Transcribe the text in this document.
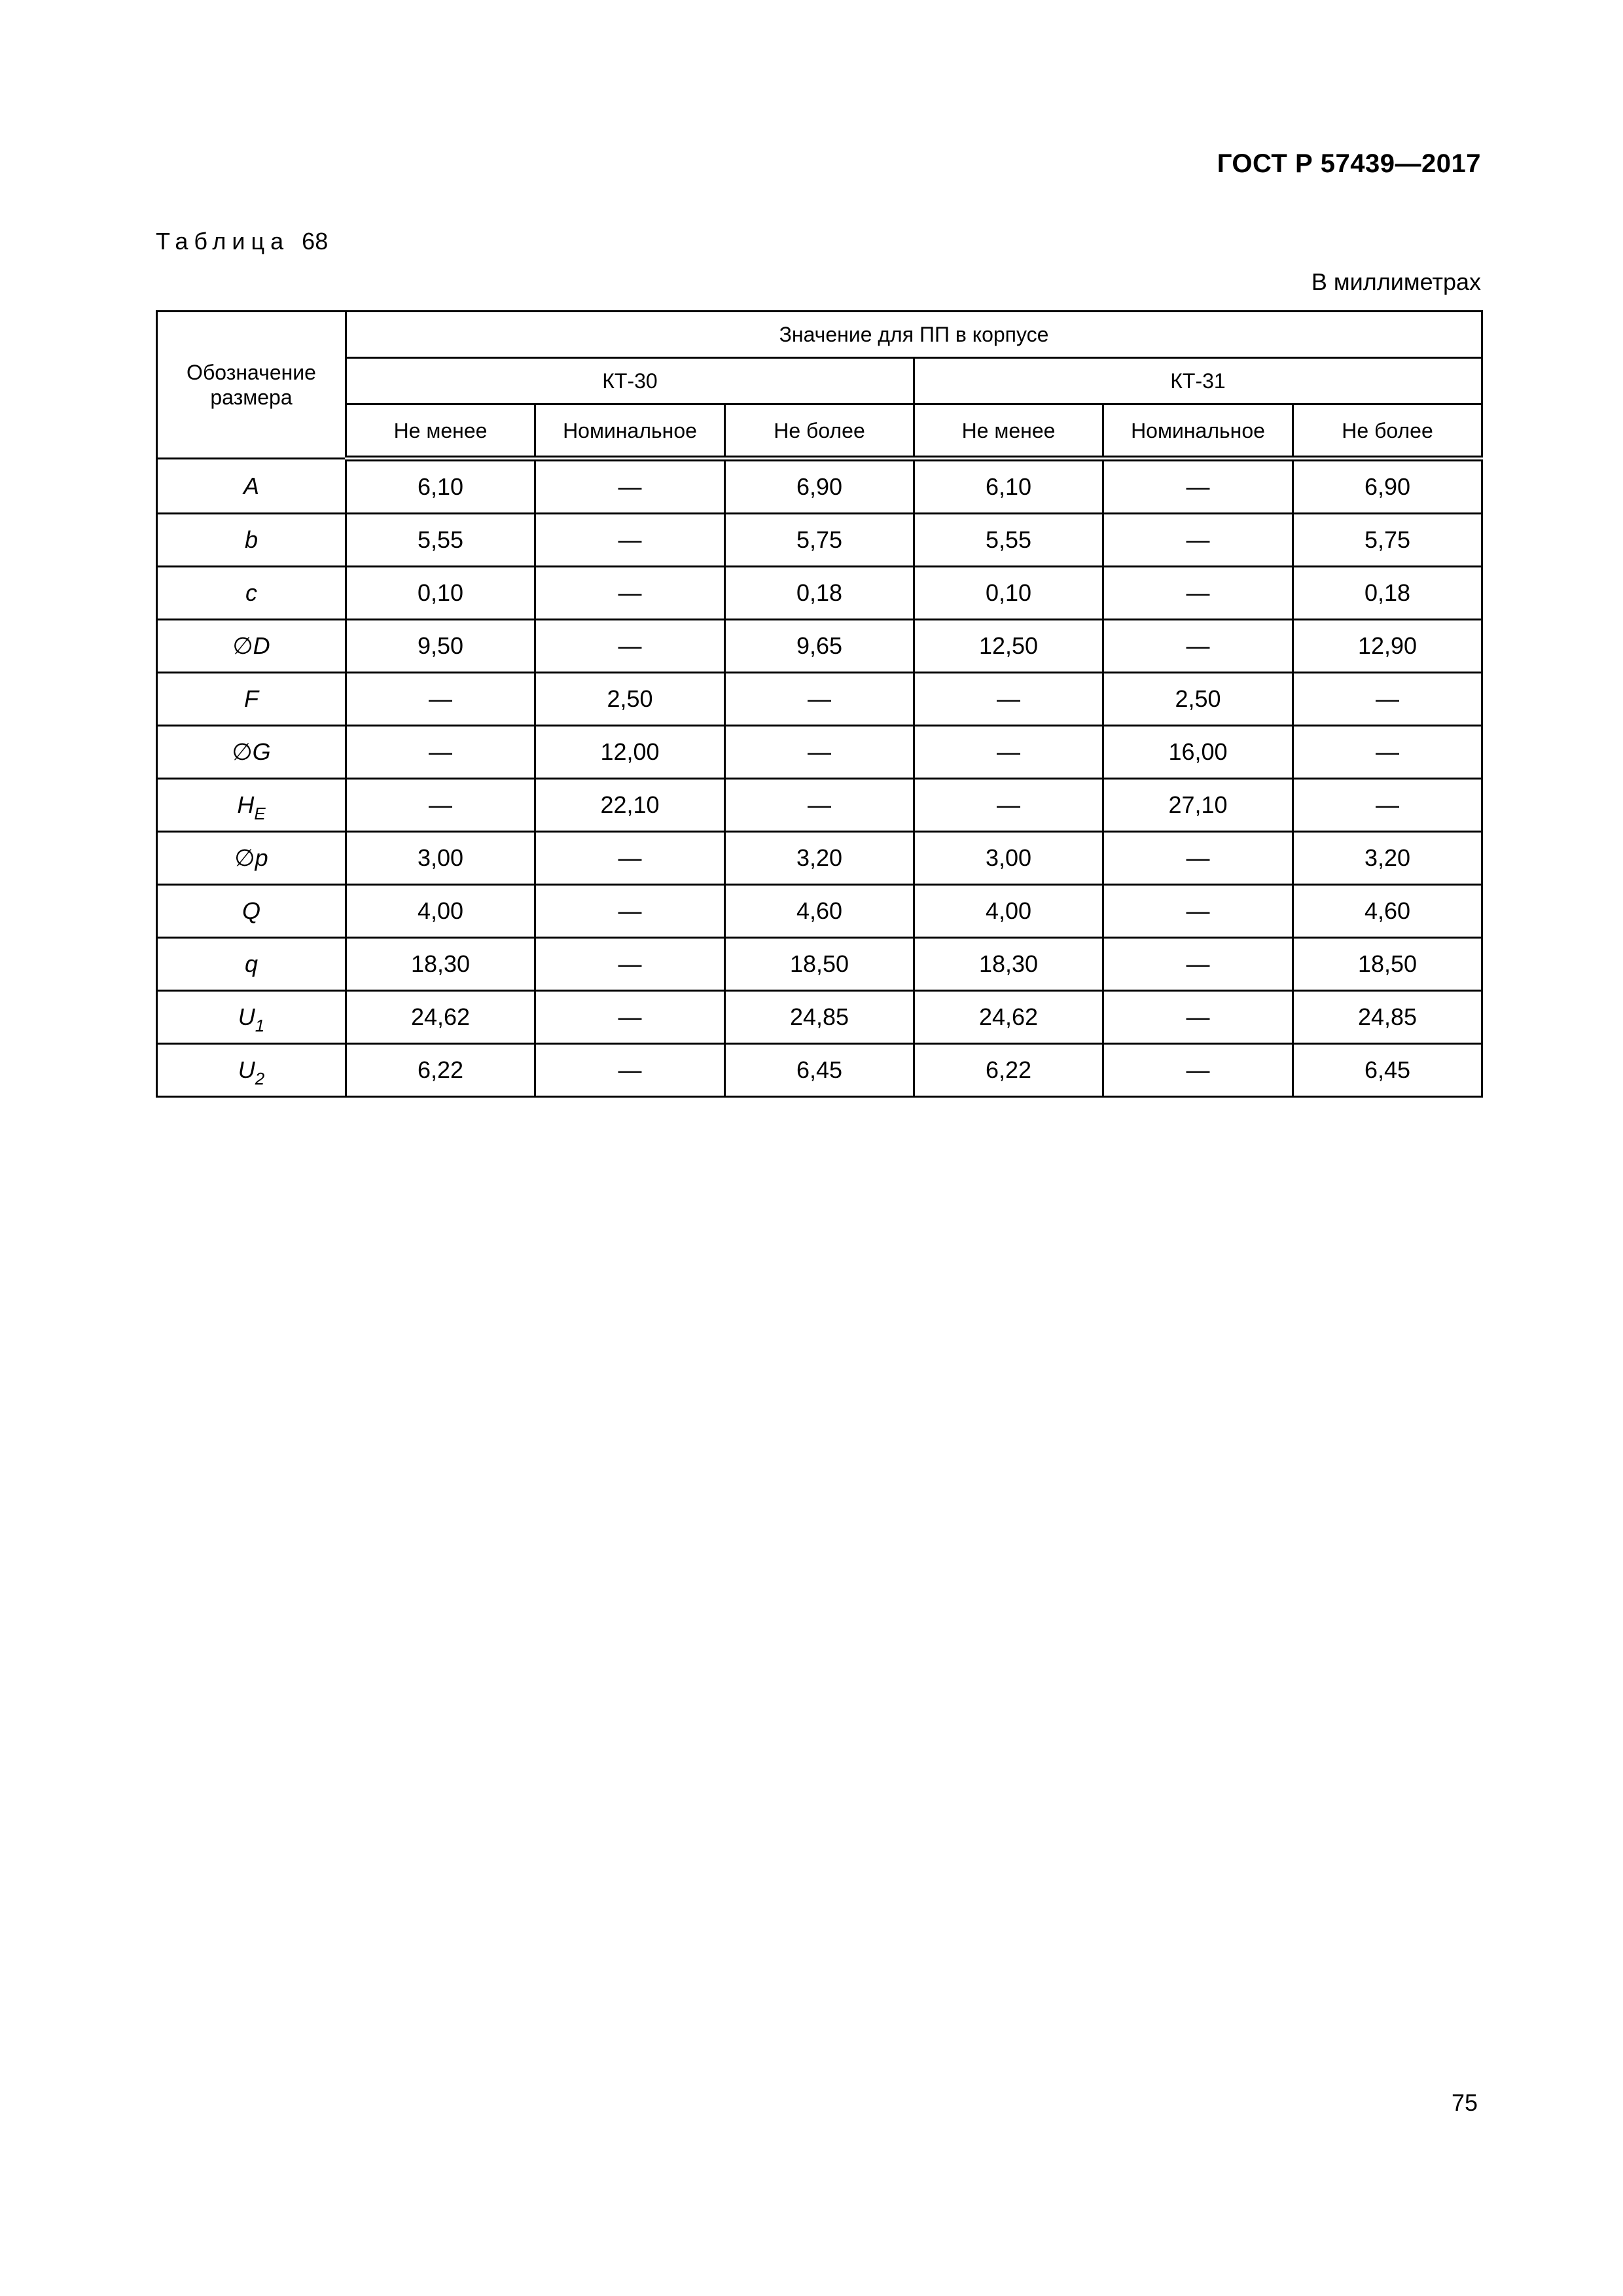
ГОСТ Р 57439—2017
Таблица 68
В миллиметрах
Обозначение размера	Значение для ПП в корпусе					
	КТ-30			КТ-31		
	Не менее	Номинальное	Не более	Не менее	Номинальное	Не более
A	6,10	—	6,90	6,10	—	6,90
b	5,55	—	5,75	5,55	—	5,75
c	0,10	—	0,18	0,10	—	0,18
∅D	9,50	—	9,65	12,50	—	12,90
F	—	2,50	—	—	2,50	—
∅G	—	12,00	—	—	16,00	—
$H_E$	—	22,10	—	—	27,10	—
∅p	3,00	—	3,20	3,00	—	3,20
Q	4,00	—	4,60	4,00	—	4,60
q	18,30	—	18,50	18,30	—	18,50
$U_1$	24,62	—	24,85	24,62	—	24,85
$U_2$	6,22	—	6,45	6,22	—	6,45
75
